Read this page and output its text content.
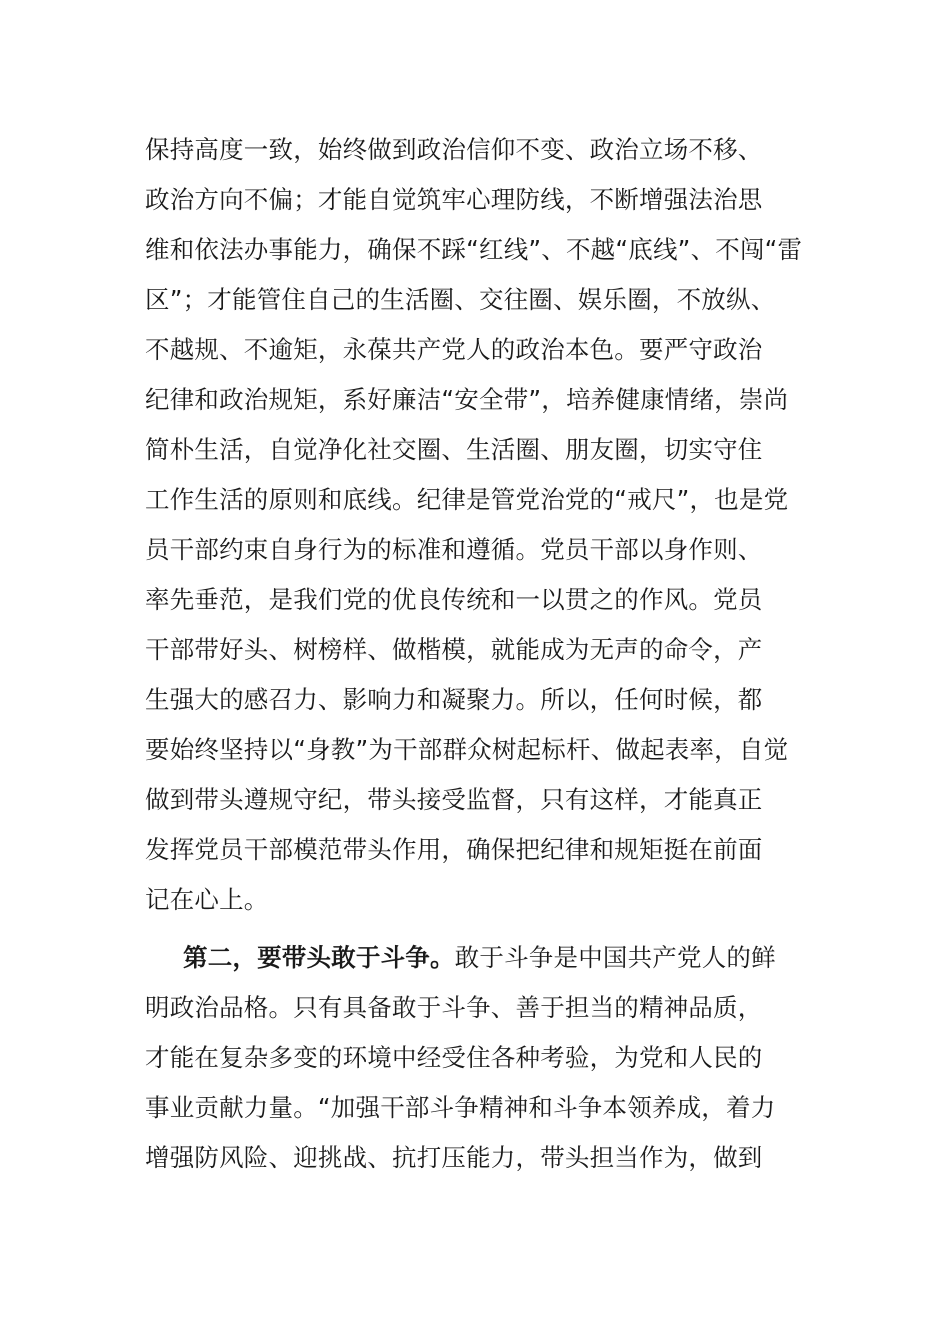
保持高度一致，始终做到政治信仰不变、政治立场不移、
政治方向不偏；才能自觉筑牢心理防线，不断增强法治思
维和依法办事能力，确保不踩“红线”、不越“底线”、不闯“雷
区”；才能管住自己的生活圈、交往圈、娱乐圈，不放纵、
不越规、不逾矩，永葆共产党人的政治本色。要严守政治
纪律和政治规矩，系好廉洁“安全带”，培养健康情绪，崇尚
简朴生活，自觉净化社交圈、生活圈、朋友圈，切实守住
工作生活的原则和底线。纪律是管党治党的“戒尺”，也是党
员干部约束自身行为的标准和遵循。党员干部以身作则、
率先垂范，是我们党的优良传统和一以贯之的作风。党员
干部带好头、树榜样、做楷模，就能成为无声的命令，产
生强大的感召力、影响力和凝聚力。所以，任何时候，都
要始终坚持以“身教”为干部群众树起标杆、做起表率，自觉
做到带头遵规守纪，带头接受监督，只有这样，才能真正
发挥党员干部模范带头作用，确保把纪律和规矩挺在前面
记在心上。
第二，要带头敢于斗争。敢于斗争是中国共产党人的鲜
明政治品格。只有具备敢于斗争、善于担当的精神品质，
才能在复杂多变的环境中经受住各种考验，为党和人民的
事业贡献力量。“加强干部斗争精神和斗争本领养成，着力
增强防风险、迎挑战、抗打压能力，带头担当作为，做到
